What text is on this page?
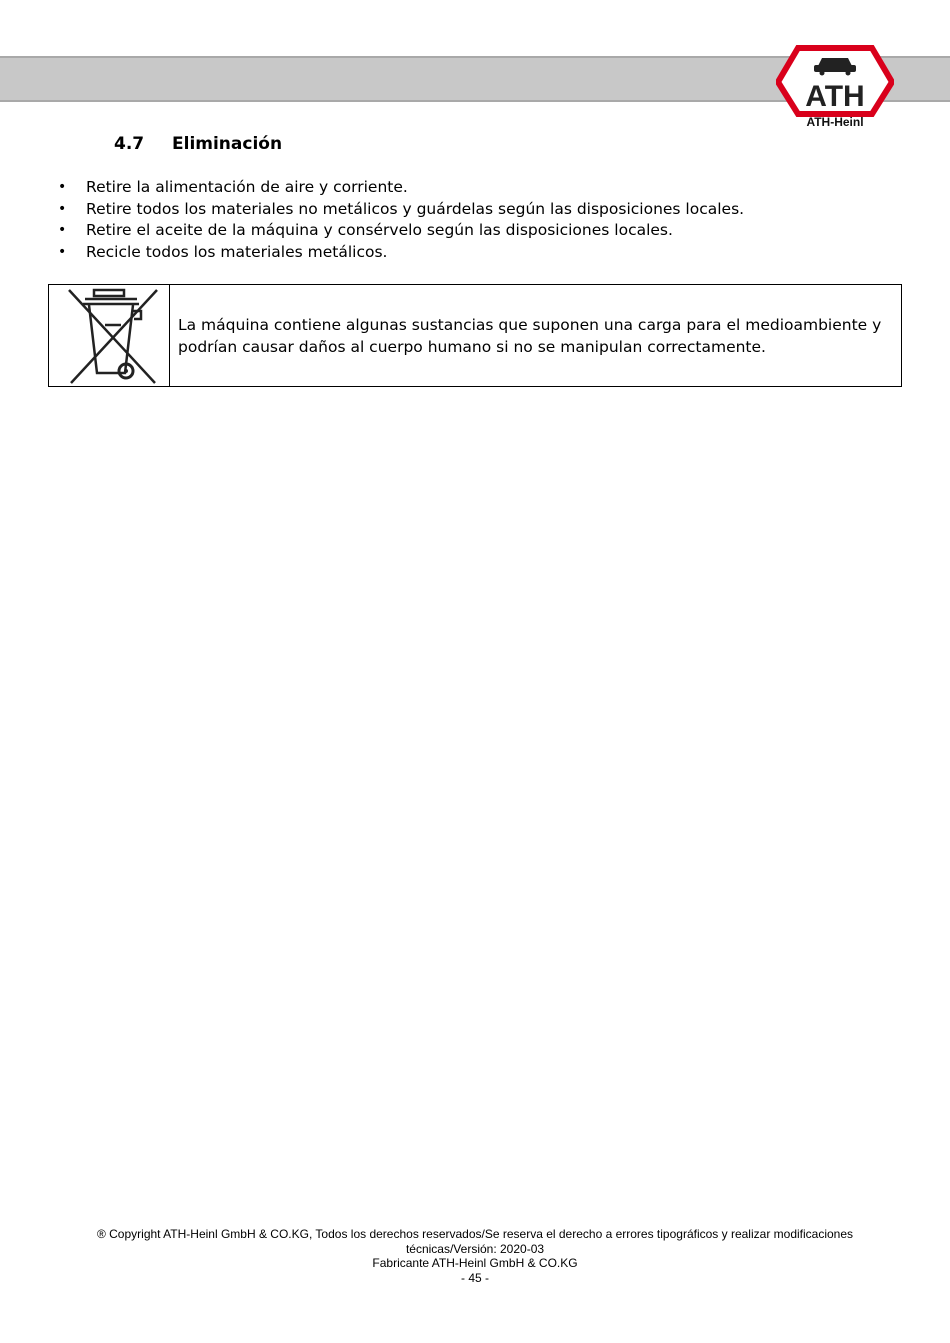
ATH
ATH-Heinl
4.7 Eliminación
• Retire la alimentación de aire y corriente.
• Retire todos los materiales no metálicos y guárdelas según las disposiciones locales.
• Retire el aceite de la máquina y consérvelo según las disposiciones locales.
• Recicle todos los materiales metálicos.
La máquina contiene algunas sustancias que suponen una carga para el medioambiente y
podrían causar daños al cuerpo humano si no se manipulan correctamente.
® Copyright ATH-Heinl GmbH & CO.KG, Todos los derechos reservados/Se reserva el derecho a errores tipográficos y realizar modificaciones
técnicas/Versión: 2020-03
Fabricante ATH-Heinl GmbH & CO.KG
- 45 -
